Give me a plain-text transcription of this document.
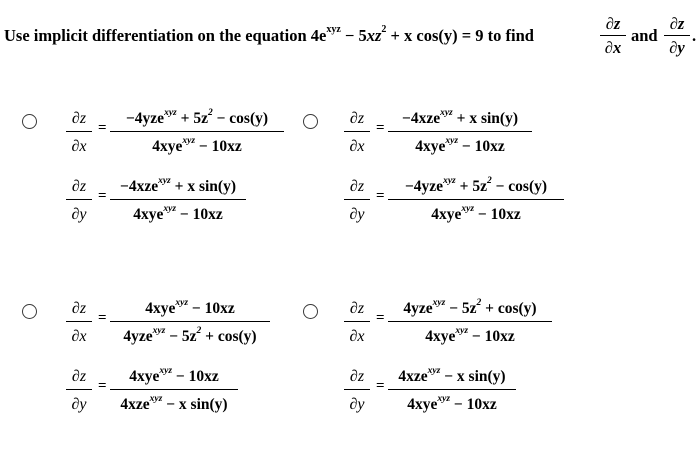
Use implicit differentiation on the equation $4e^{xyz} - 5xz^2 + x$ cos(y) = 9 to find
∂z
∂x
and
∂z
∂y
.
∂z
∂x
=
$-4yze^{xyz} + 5z^2 - \cos(y)$
4xye$^{xyz}$ − 10xz
∂z
∂y
=
−4xze$^{xyz}$ + x sin(y)
4xye$^{xyz}$ − 10xz
∂z
∂x
=
−4xze$^{xyz}$ + x sin(y)
4xye$^{xyz}$ − 10xz
∂z
∂y
=
$-4yze^{xyz} + 5z^2 - \cos(y)$
4xye$^{xyz}$ − 10xz
∂z
∂x
=
4xye$^{xyz}$ − 10xz
$4yze^{xyz} - 5z^2 + \cos(y)$
∂z
∂y
=
4xye$^{xyz}$ − 10xz
4xze$^{xyz}$ − x sin(y)
∂z
∂x
=
$4yze^{xyz} - 5z^2 + \cos(y)$
4xye$^{xyz}$ − 10xz
∂z
∂y
=
4xze$^{xyz}$ − x sin(y)
4xye$^{xyz}$ − 10xz
